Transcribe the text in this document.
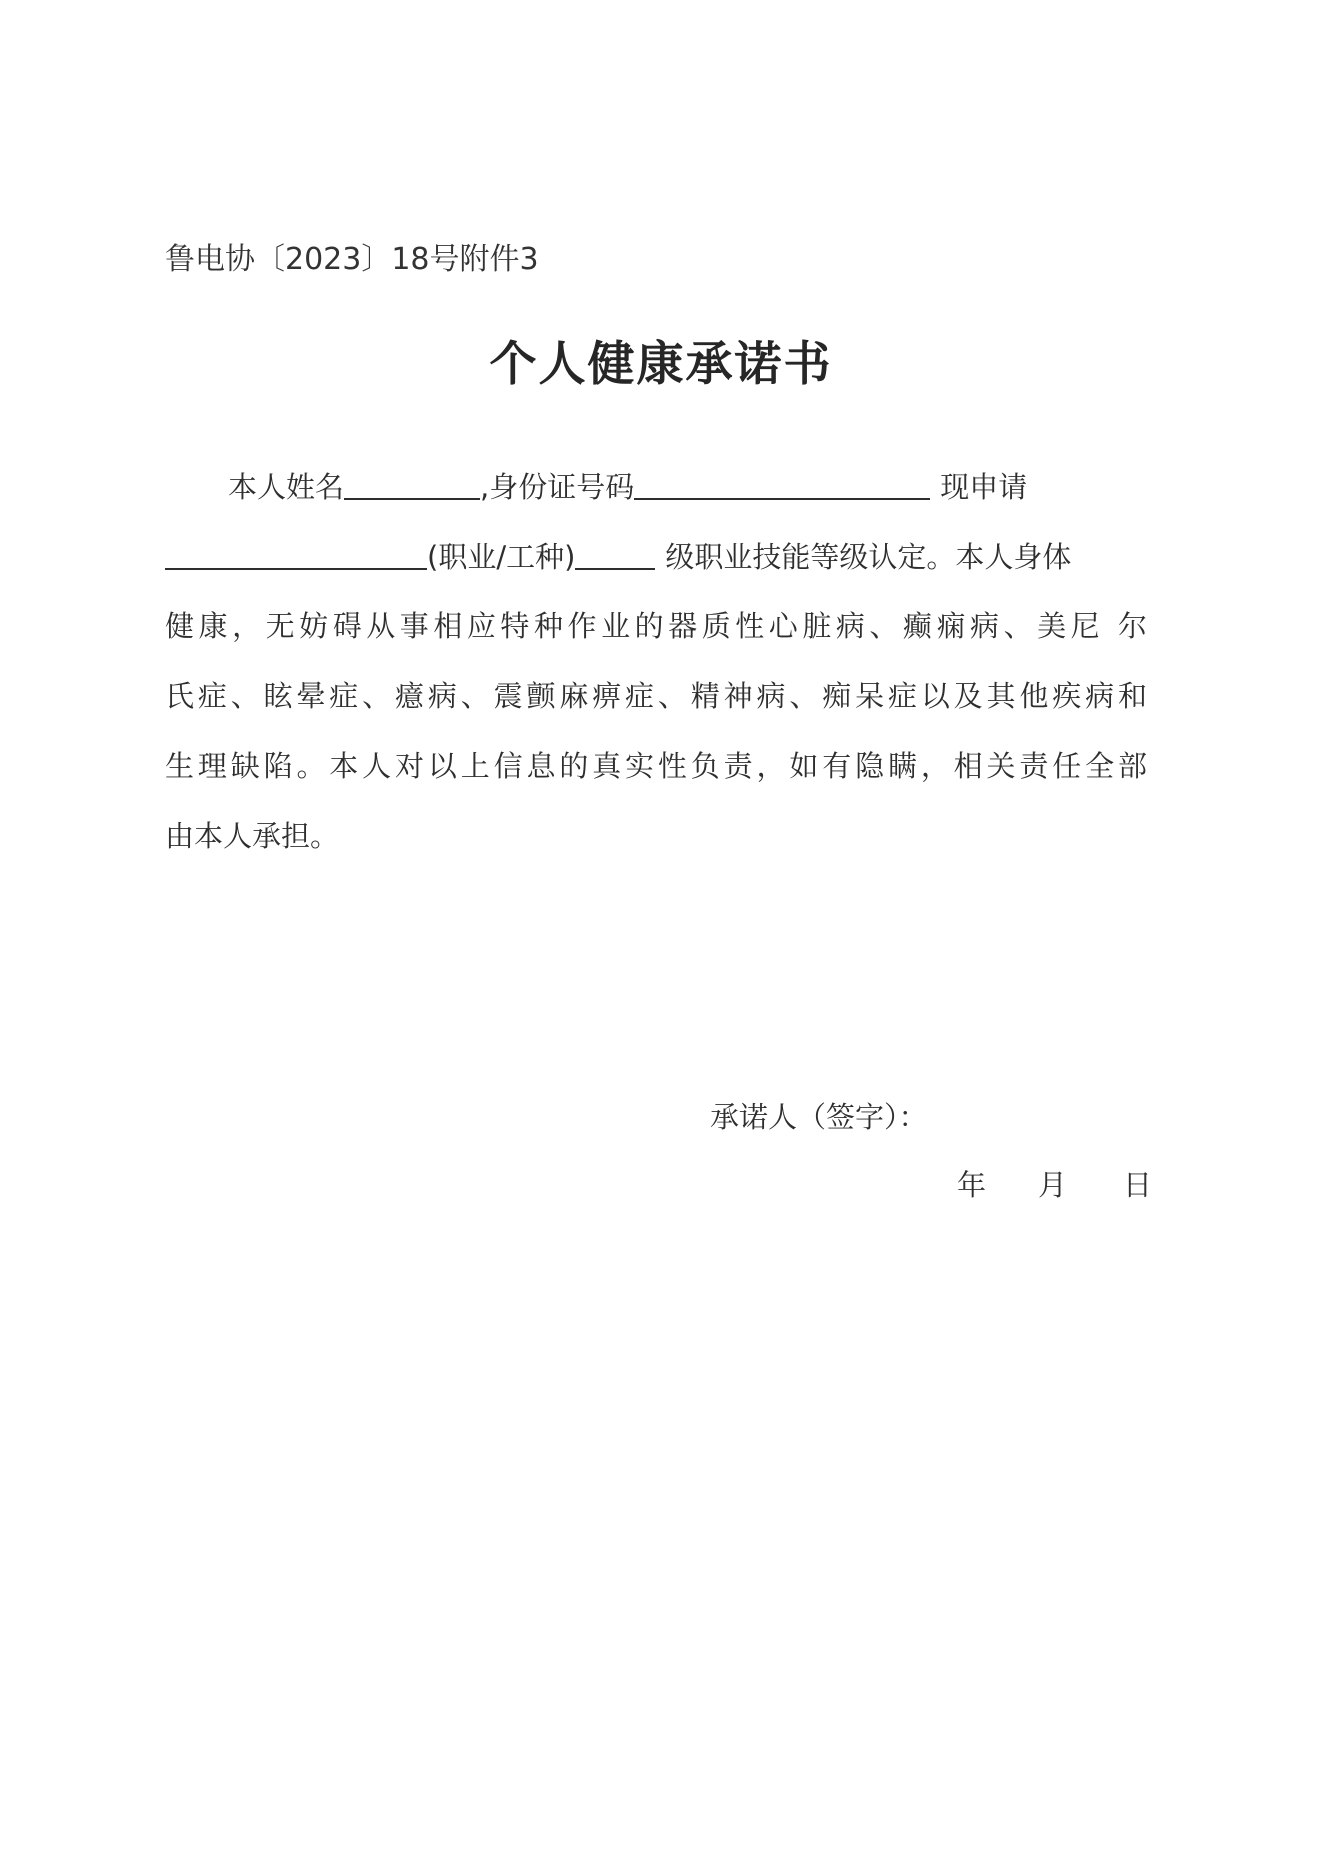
鲁电协〔2023〕18号附件3
个人健康承诺书
本人姓名	,身份证号码	现申请
(职业/工种)	级职业技能等级认定。本人身体
健康，无妨碍从事相应特种作业的器质性心脏病、癫痫病、美尼 尔
氏症、眩晕症、癔病、震颤麻痹症、精神病、痴呆症以及其他疾病和
生理缺陷。本人对以上信息的真实性负责，如有隐瞒，相关责任全部
由本人承担。
承诺人（签字）：
年 月 日
